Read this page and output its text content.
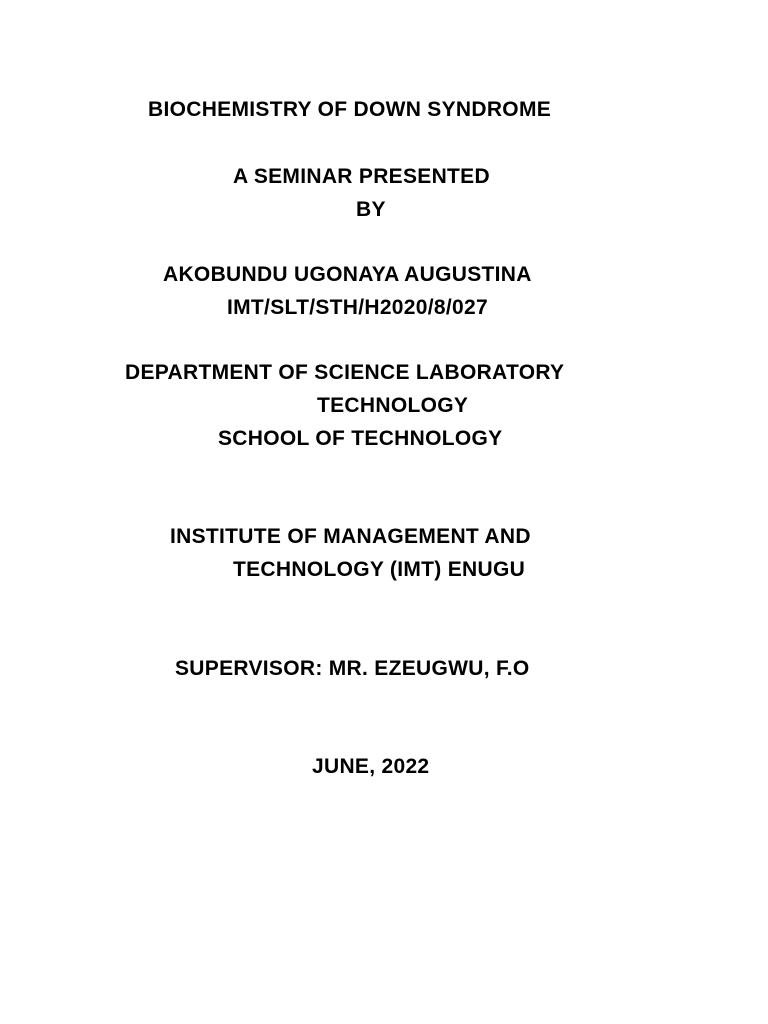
BIOCHEMISTRY OF DOWN SYNDROME

A SEMINAR PRESENTED

BY

AKOBUNDU UGONAYA AUGUSTINA

IMT/SLT/STH/H2020/8/027

DEPARTMENT OF SCIENCE LABORATORY

TECHNOLOGY

SCHOOL OF TECHNOLOGY

INSTITUTE OF MANAGEMENT AND

TECHNOLOGY (IMT) ENUGU

SUPERVISOR: MR. EZEUGWU, F.O

JUNE, 2022
